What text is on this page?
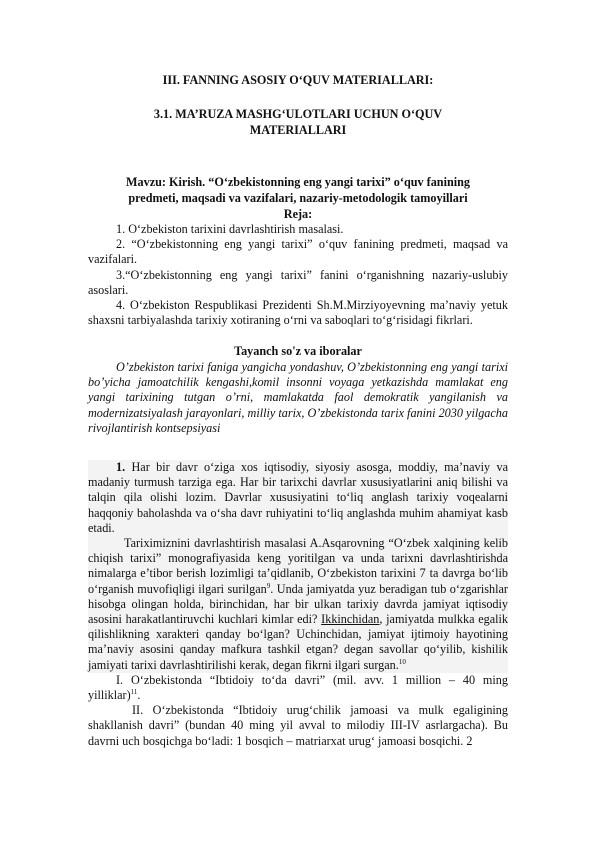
III. FANNING ASOSIY O‘QUV MATERIALLARI:
3.1. MA’RUZA MASHG‘ULOTLARI UCHUN O‘QUV
MATERIALLARI
Mavzu: Kirish. “O‘zbekistonning eng yangi tarixi” o‘quv fanining
predmeti, maqsadi va vazifalari, nazariy-metodologik tamoyillari
Reja:

1. O‘zbekiston tarixini davrlashtirish masalasi.

2. “O‘zbekistonning eng yangi tarixi” o‘quv fanining predmeti, maqsad va vazifalari.

3.“O‘zbekistonning eng yangi tarixi” fanini o‘rganishning nazariy-uslubiy asoslari.

4. O‘zbekiston Respublikasi Prezidenti Sh.M.Mirziyoyevning ma’naviy yetuk shaxsni tarbiyalashda tarixiy xotiraning o‘rni va saboqlari to‘g‘risidagi fikrlari.

Tayanch so'z va iboralar

O’zbekiston tarixi faniga yangicha yondashuv, O’zbekistonning eng yangi tarixi bo’yicha jamoatchilik kengashi,komil insonni voyaga yetkazishda mamlakat eng yangi tarixining tutgan o’rni, mamlakatda faol demokratik yangilanish va modernizatsiyalash jarayonlari, milliy tarix, O’zbekistonda tarix fanini 2030 yilgacha rivojlantirish kontsepsiyasi

1. Har bir davr o‘ziga xos iqtisodiy, siyosiy asosga, moddiy, ma’naviy va madaniy turmush tarziga ega. Har bir tarixchi davrlar xususiyatlarini aniq bilishi va talqin qila olishi lozim. Davrlar xususiyatini to‘liq anglash tarixiy voqealarni haqqoniy baholashda va o‘sha davr ruhiyatini to‘liq anglashda muhim ahamiyat kasb etadi.

Tariximiznini davrlashtirish masalasi A.Asqarovning “O‘zbek xalqining kelib chiqish tarixi” monografiyasida keng yoritilgan va unda tarixni davrlashtirishda nimalarga e’tibor berish lozimligi ta’qidlanib, O‘zbekiston tarixini 7 ta davrga bo‘lib o‘rganish muvofiqligi ilgari surilgan$^9$. Unda jamiyatda yuz beradigan tub o‘zgarishlar hisobga olingan holda, birinchidan, har bir ulkan tarixiy davrda jamiyat iqtisodiy asosini harakatlantiruvchi kuchlari kimlar edi? Ikkinchidan, jamiyatda mulkka egalik qilishlikning xarakteri qanday bo‘lgan? Uchinchidan, jamiyat ijtimoiy hayotining ma’naviy asosini qanday mafkura tashkil etgan? degan savollar qo‘yilib, kishilik jamiyati tarixi davrlashtirilishi kerak, degan fikrni ilgari surgan.$^{10}$

I. O‘zbekistonda “Ibtidoiy to‘da davri” (mil. avv. 1 million – 40 ming yilliklar)$^{11}$.

II. O‘zbekistonda “Ibtidoiy urug‘chilik jamoasi va mulk egaligining shakllanish davri” (bundan 40 ming yil avval to milodiy III-IV asrlargacha). Bu davrni uch bosqichga bo‘ladi: 1 bosqich – matriarxat urug‘ jamoasi bosqichi. 2
